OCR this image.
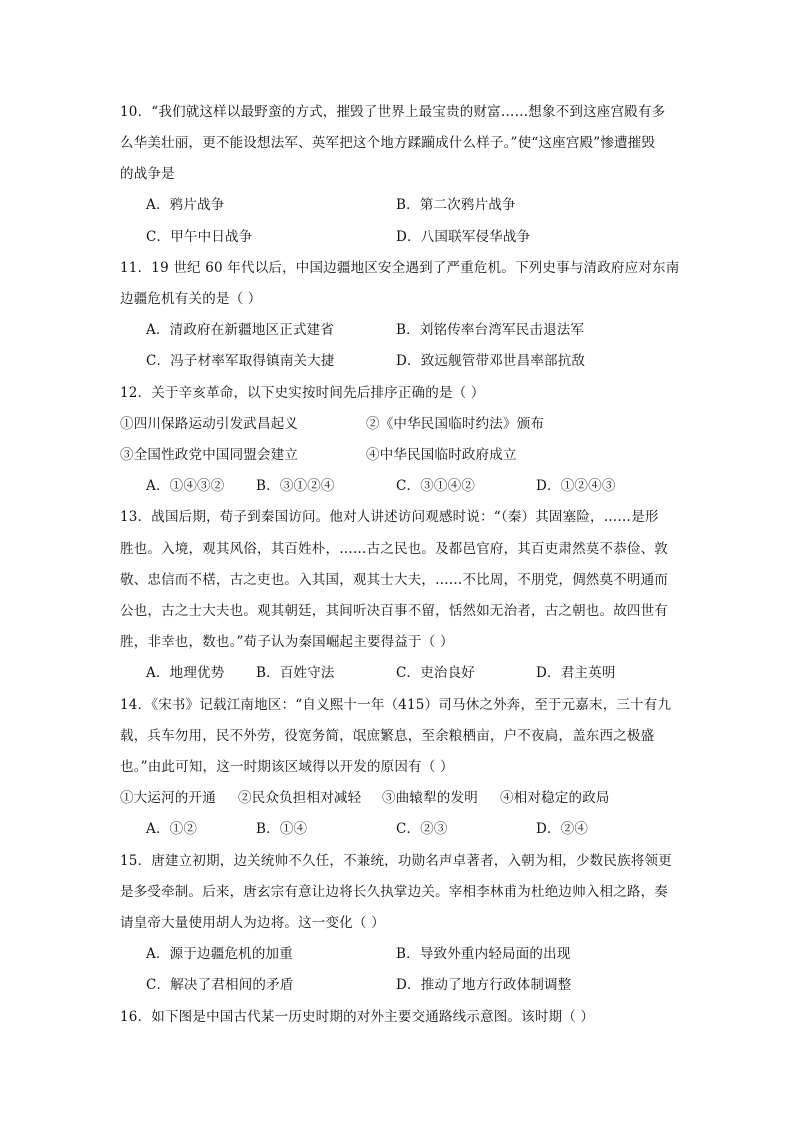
10．“我们就这样以最野蛮的方式，摧毁了世界上最宝贵的财富……想象不到这座宫殿有多
么华美壮丽，更不能设想法军、英军把这个地方蹂躏成什么样子。”使“这座宫殿”惨遭摧毁
的战争是
A．鸦片战争	B．第二次鸦片战争
C．甲午中日战争	D．八国联军侵华战争
11．19 世纪 60 年代以后，中国边疆地区安全遇到了严重危机。下列史事与清政府应对东南
边疆危机有关的是（ ）
A．清政府在新疆地区正式建省	B．刘铭传率台湾军民击退法军
C．冯子材率军取得镇南关大捷	D．致远舰管带邓世昌率部抗敌
12．关于辛亥革命，以下史实按时间先后排序正确的是（ ）
①四川保路运动引发武昌起义	②《中华民国临时约法》颁布
③全国性政党中国同盟会建立	④中华民国临时政府成立
A．①④③② B．③①②④	C．③①④②	D．①②④③
13．战国后期，荀子到秦国访问。他对人讲述访问观感时说：“（秦）其固塞险，……是形
胜也。入境，观其风俗，其百姓朴，……古之民也。及都邑官府，其百吏肃然莫不恭俭、敦
敬、忠信而不楛，古之吏也。入其国，观其士大夫，……不比周，不朋党，倜然莫不明通而
公也，古之士大夫也。观其朝廷，其间听决百事不留，恬然如无治者，古之朝也。故四世有
胜，非幸也，数也。”荀子认为秦国崛起主要得益于（ ）
A．地理优势 B．百姓守法	C．吏治良好	D．君主英明
14．《宋书》记载江南地区：“自义熙十一年（415）司马休之外奔，至于元嘉末，三十有九
载，兵车勿用，民不外劳，役宽务简，氓庶繁息，至余粮栖亩，户不夜扃，盖东西之极盛
也。”由此可知，这一时期该区域得以开发的原因有（ ）
①大运河的开通 ②民众负担相对减轻 ③曲辕犁的发明 ④相对稳定的政局
A．①②	B．①④	C．②③	D．②④
15．唐建立初期，边关统帅不久任，不兼统，功勋名声卓著者，入朝为相，少数民族将领更
是多受牵制。后来，唐玄宗有意让边将长久执掌边关。宰相李林甫为杜绝边帅入相之路，奏
请皇帝大量使用胡人为边将。这一变化（ ）
A．源于边疆危机的加重	B．导致外重内轻局面的出现
C．解决了君相间的矛盾	D．推动了地方行政体制调整
16．如下图是中国古代某一历史时期的对外主要交通路线示意图。该时期（ ）
